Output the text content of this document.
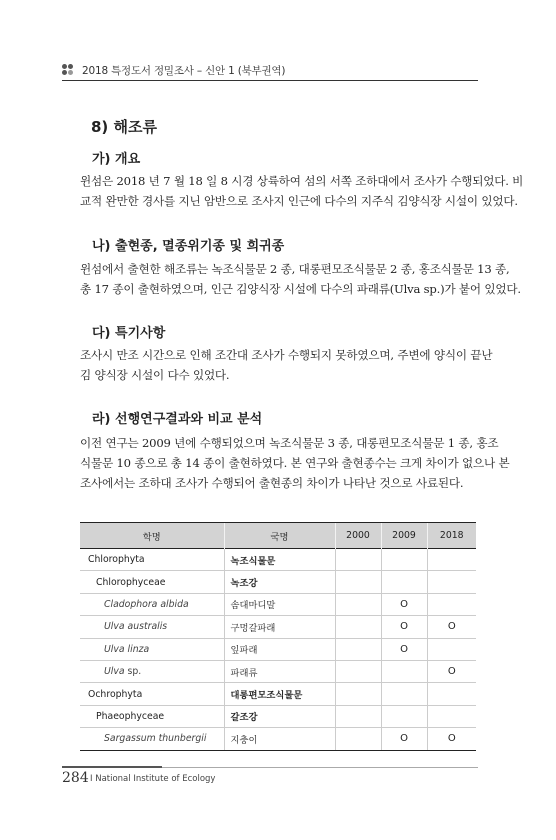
2018 특정도서 정밀조사 – 신안 1 (북부권역)
8) 해조류
가) 개요
윈섬은 2018 년 7 월 18 일 8 시경 상륙하여 섬의 서쪽 조하대에서 조사가 수행되었다. 비
교적 완만한 경사를 지닌 암반으로 조사지 인근에 다수의 지주식 김양식장 시설이 있었다.
나) 출현종, 멸종위기종 및 희귀종
윈섬에서 출현한 해조류는 녹조식물문 2 종, 대롱편모조식물문 2 종, 홍조식물문 13 종,
총 17 종이 출현하였으며, 인근 김양식장 시설에 다수의 파래류(Ulva sp.)가 붙어 있었다.
다) 특기사항
조사시 만조 시간으로 인해 조간대 조사가 수행되지 못하였으며, 주변에 양식이 끝난
김 양식장 시설이 다수 있었다.
라) 선행연구결과와 비교 분석
이전 연구는 2009 년에 수행되었으며 녹조식물문 3 종, 대롱편모조식물문 1 종, 홍조
식물문 10 종으로 총 14 종이 출현하였다. 본 연구와 출현종수는 크게 차이가 없으나 본
조사에서는 조하대 조사가 수행되어 출현종의 차이가 나타난 것으로 사료된다.
학명	국명	2000	2009	2018
Chlorophyta	녹조식물문			
Chlorophyceae	녹조강			
Cladophora albida	솜대마디말		O	
Ulva australis	구멍갈파래		O	O
Ulva linza	잎파래		O	
Ulva sp.	파래류			O
Ochrophyta	대롱편모조식물문			
Phaeophyceae	갈조강			
Sargassum thunbergii	지충이		O	O
284 I National Institute of Ecology
